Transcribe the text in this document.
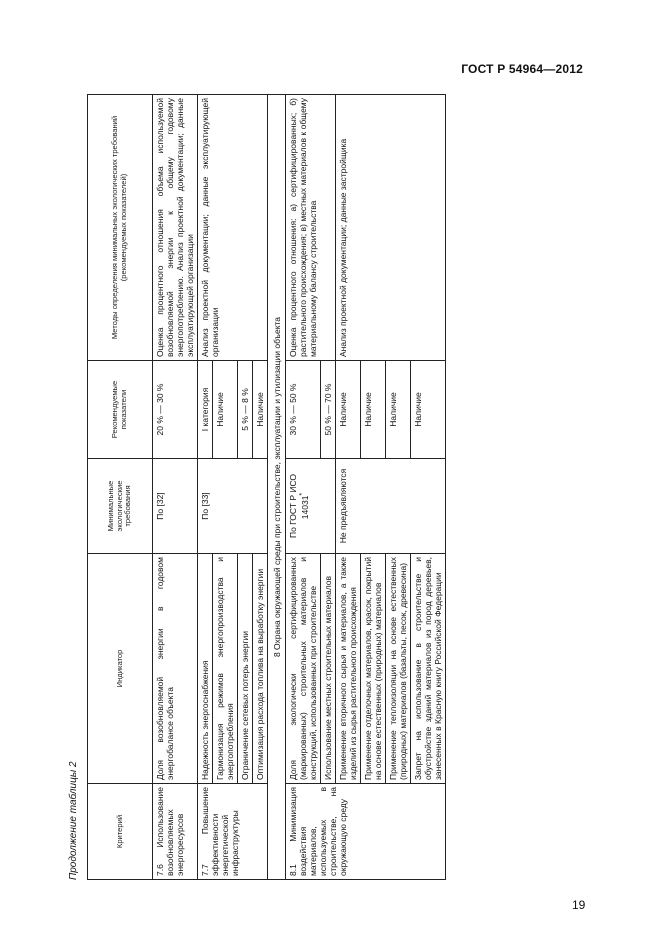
ГОСТ Р 54964—2012
Продолжение таблицы 2	Критерий	Индикатор	Минимальные экологические требования	Рекомендуемые показатели	Методы определения минимальных экологических требований (рекомендуемых показателей)
7.6 Использование возобновляемых энергоресурсов	Доля возобновляемой энергии в годовом энергобалансе объекта	По [32]	20 % — 30 %	Оценка процентного отношения объема используемой возобновляемой энергии к общему годовому энергопотреблению. Анализ проектной документации; данные эксплуатирующей организации
7.7 Повышение эффективности энергетической инфраструктуры	Надежность энергоснабжения	По [33]	I категория	Анализ проектной документации; данные эксплуатирующей организации
	Гармонизация режимов энергопроизводства и энергопотребления		Наличие	
	Ограничение сетевых потерь энергии		5 % — 8 %	
	Оптимизация расхода топлива на выработку энергии		Наличие	
8 Охрана окружающей среды при строительстве, эксплуатации и утилизации объекта				
8.1 Минимизация воздействия материалов, используемых в строительстве, на окружающую среду	Доля экологически сертифицированных (маркированных) строительных материалов и конструкций, использованных при строительстве	По ГОСТ Р ИСО 14031*	30 % — 50 %	Оценка процентного отношения: а) сертифицированных; б) растительного происхождения; в) местных материалов к общему материальному балансу строительства
	Использование местных строительных материалов		50 % — 70 %	
	Применение вторичного сырья и материалов, а также изделий из сырья растительного происхождения	Не предъявляются	Наличие	Анализ проектной документации; данные застройщика
	Применение отделочных материалов, красок, покрытий на основе естественных (природных) материалов		Наличие	
	Применение теплоизоляции на основе естественных (природных) материалов (базальты, песок, древесина)		Наличие	
	Запрет на использование в строительстве и обустройстве зданий материалов из пород деревьев, занесенных в Красную книгу Российской Федерации		Наличие	
19
